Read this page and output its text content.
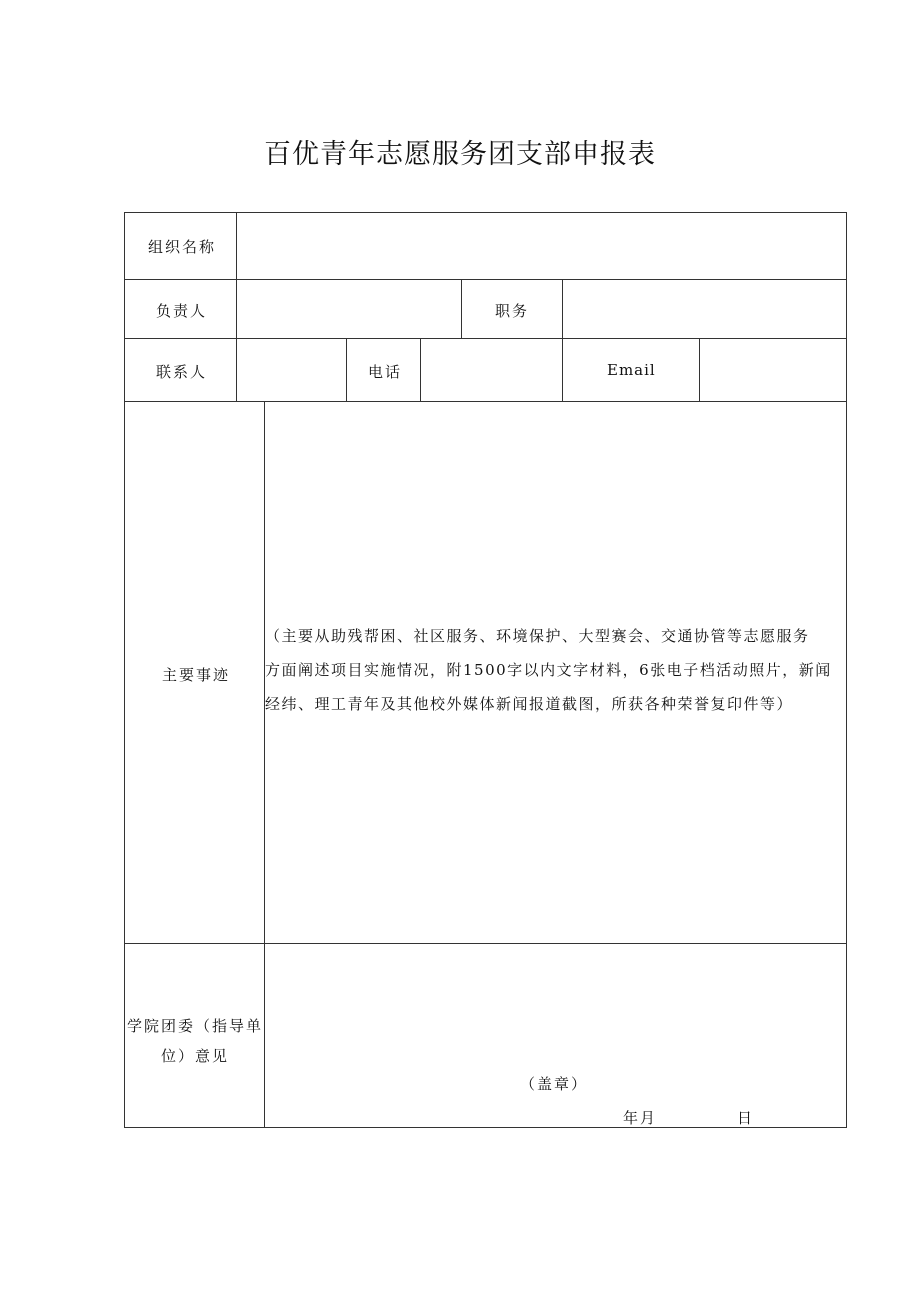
百优青年志愿服务团支部申报表
组织名称
负责人	职务
联系人	电话	Email
主要事迹
（主要从助残帮困、社区服务、环境保护、大型赛会、交通协管等志愿服务
方面阐述项目实施情况，附1500字以内文字材料，6张电子档活动照片，新闻
经纬、理工青年及其他校外媒体新闻报道截图，所获各种荣誉复印件等）
学院团委（指导单
位）意见
（盖章）
年月	日
